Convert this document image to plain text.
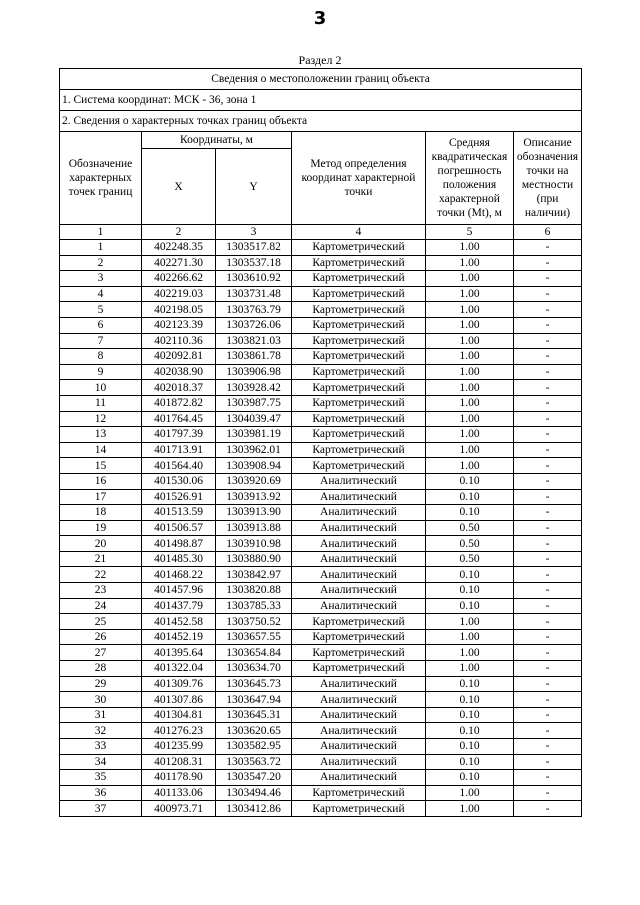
3
Раздел 2
Сведения о местоположении границ объекта					
1. Система координат: МСК - 36, зона 1					
2. Сведения о характерных точках границ объекта					
Обозначение характерных точек границ	Координаты, м		Метод определения координат характерной точки	Средняя квадратическая погрешность положения характерной точки (Mt), м	Описание обозначения точки на местности (при наличии)
	X	Y			
1	2	3	4	5	6
1	402248.35	1303517.82	Картометрический	1.00	-
2	402271.30	1303537.18	Картометрический	1.00	-
3	402266.62	1303610.92	Картометрический	1.00	-
4	402219.03	1303731.48	Картометрический	1.00	-
5	402198.05	1303763.79	Картометрический	1.00	-
6	402123.39	1303726.06	Картометрический	1.00	-
7	402110.36	1303821.03	Картометрический	1.00	-
8	402092.81	1303861.78	Картометрический	1.00	-
9	402038.90	1303906.98	Картометрический	1.00	-
10	402018.37	1303928.42	Картометрический	1.00	-
11	401872.82	1303987.75	Картометрический	1.00	-
12	401764.45	1304039.47	Картометрический	1.00	-
13	401797.39	1303981.19	Картометрический	1.00	-
14	401713.91	1303962.01	Картометрический	1.00	-
15	401564.40	1303908.94	Картометрический	1.00	-
16	401530.06	1303920.69	Аналитический	0.10	-
17	401526.91	1303913.92	Аналитический	0.10	-
18	401513.59	1303913.90	Аналитический	0.10	-
19	401506.57	1303913.88	Аналитический	0.50	-
20	401498.87	1303910.98	Аналитический	0.50	-
21	401485.30	1303880.90	Аналитический	0.50	-
22	401468.22	1303842.97	Аналитический	0.10	-
23	401457.96	1303820.88	Аналитический	0.10	-
24	401437.79	1303785.33	Аналитический	0.10	-
25	401452.58	1303750.52	Картометрический	1.00	-
26	401452.19	1303657.55	Картометрический	1.00	-
27	401395.64	1303654.84	Картометрический	1.00	-
28	401322.04	1303634.70	Картометрический	1.00	-
29	401309.76	1303645.73	Аналитический	0.10	-
30	401307.86	1303647.94	Аналитический	0.10	-
31	401304.81	1303645.31	Аналитический	0.10	-
32	401276.23	1303620.65	Аналитический	0.10	-
33	401235.99	1303582.95	Аналитический	0.10	-
34	401208.31	1303563.72	Аналитический	0.10	-
35	401178.90	1303547.20	Аналитический	0.10	-
36	401133.06	1303494.46	Картометрический	1.00	-
37	400973.71	1303412.86	Картометрический	1.00	-
